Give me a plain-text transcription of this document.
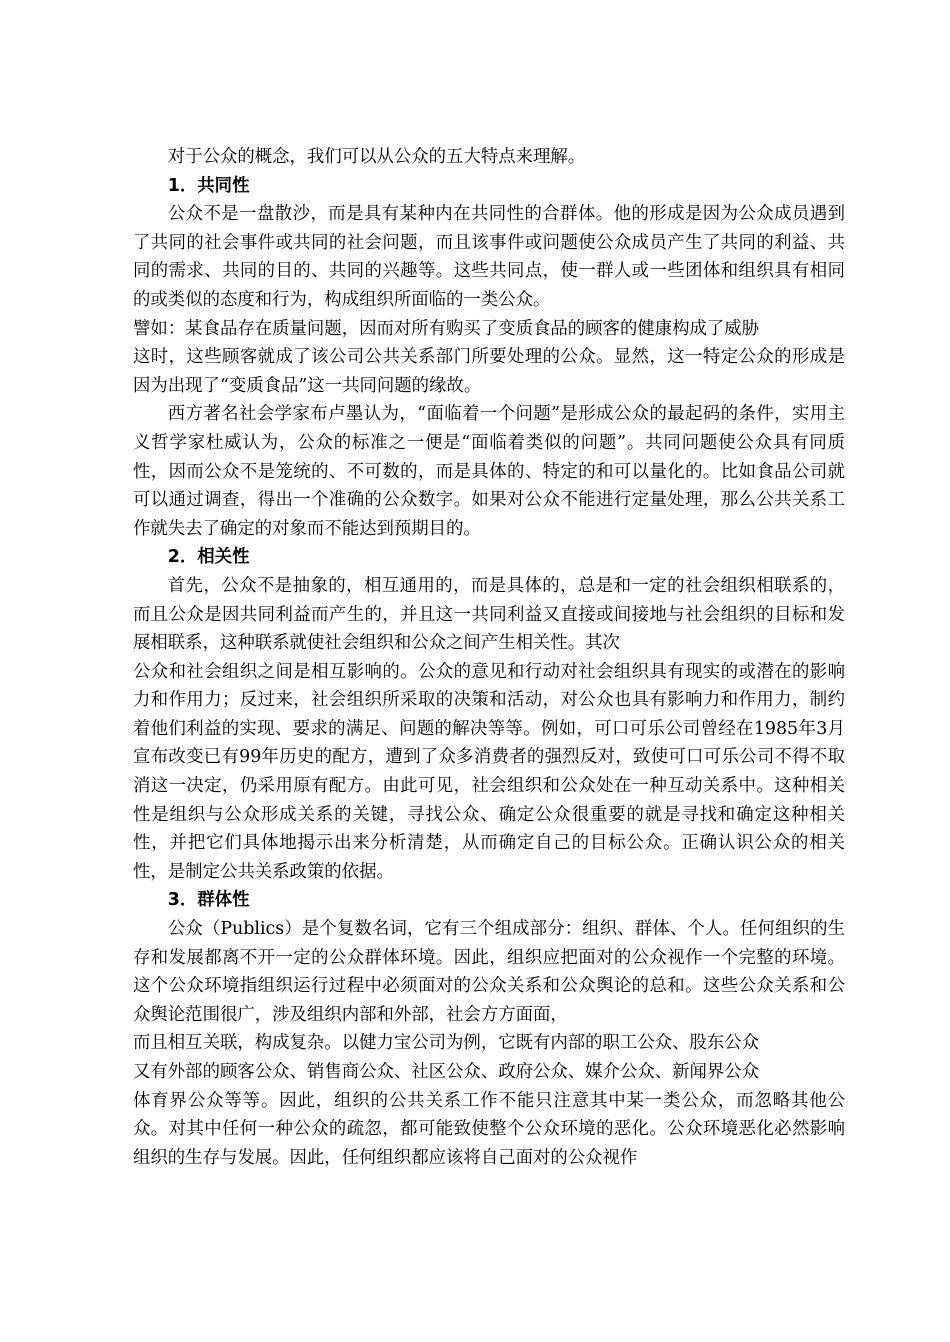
对于公众的概念，我们可以从公众的五大特点来理解。

1．共同性

公众不是一盘散沙，而是具有某种内在共同性的合群体。他的形成是因为公众成员遇到了共同的社会事件或共同的社会问题，而且该事件或问题使公众成员产生了共同的利益、共同的需求、共同的目的、共同的兴趣等。这些共同点，使一群人或一些团体和组织具有相同的或类似的态度和行为，构成组织所面临的一类公众。
譬如：某食品存在质量问题，因而对所有购买了变质食品的顾客的健康构成了威胁
这时，这些顾客就成了该公司公共关系部门所要处理的公众。显然，这一特定公众的形成是因为出现了“变质食品”这一共同问题的缘故。

西方著名社会学家布卢墨认为，“面临着一个问题”是形成公众的最起码的条件，实用主义哲学家杜威认为，公众的标准之一便是“面临着类似的问题”。共同问题使公众具有同质性，因而公众不是笼统的、不可数的，而是具体的、特定的和可以量化的。比如食品公司就可以通过调查，得出一个准确的公众数字。如果对公众不能进行定量处理，那么公共关系工作就失去了确定的对象而不能达到预期目的。

2．相关性

首先，公众不是抽象的，相互通用的，而是具体的，总是和一定的社会组织相联系的，而且公众是因共同利益而产生的，并且这一共同利益又直接或间接地与社会组织的目标和发展相联系，这种联系就使社会组织和公众之间产生相关性。其次
公众和社会组织之间是相互影响的。公众的意见和行动对社会组织具有现实的或潜在的影响力和作用力；反过来，社会组织所采取的决策和活动，对公众也具有影响力和作用力，制约着他们利益的实现、要求的满足、问题的解决等等。例如，可口可乐公司曾经在1985年3月宣布改变已有99年历史的配方，遭到了众多消费者的强烈反对，致使可口可乐公司不得不取消这一决定，仍采用原有配方。由此可见，社会组织和公众处在一种互动关系中。这种相关性是组织与公众形成关系的关键，寻找公众、确定公众很重要的就是寻找和确定这种相关性，并把它们具体地揭示出来分析清楚，从而确定自己的目标公众。正确认识公众的相关性，是制定公共关系政策的依据。

3．群体性

公众（Publics）是个复数名词，它有三个组成部分：组织、群体、个人。任何组织的生存和发展都离不开一定的公众群体环境。因此，组织应把面对的公众视作一个完整的环境。这个公众环境指组织运行过程中必须面对的公众关系和公众舆论的总和。这些公众关系和公众舆论范围很广，涉及组织内部和外部，社会方方面面，
而且相互关联，构成复杂。以健力宝公司为例，它既有内部的职工公众、股东公众
又有外部的顾客公众、销售商公众、社区公众、政府公众、媒介公众、新闻界公众
体育界公众等等。因此，组织的公共关系工作不能只注意其中某一类公众，而忽略其他公众。对其中任何一种公众的疏忽，都可能致使整个公众环境的恶化。公众环境恶化必然影响组织的生存与发展。因此，任何组织都应该将自己面对的公众视作
